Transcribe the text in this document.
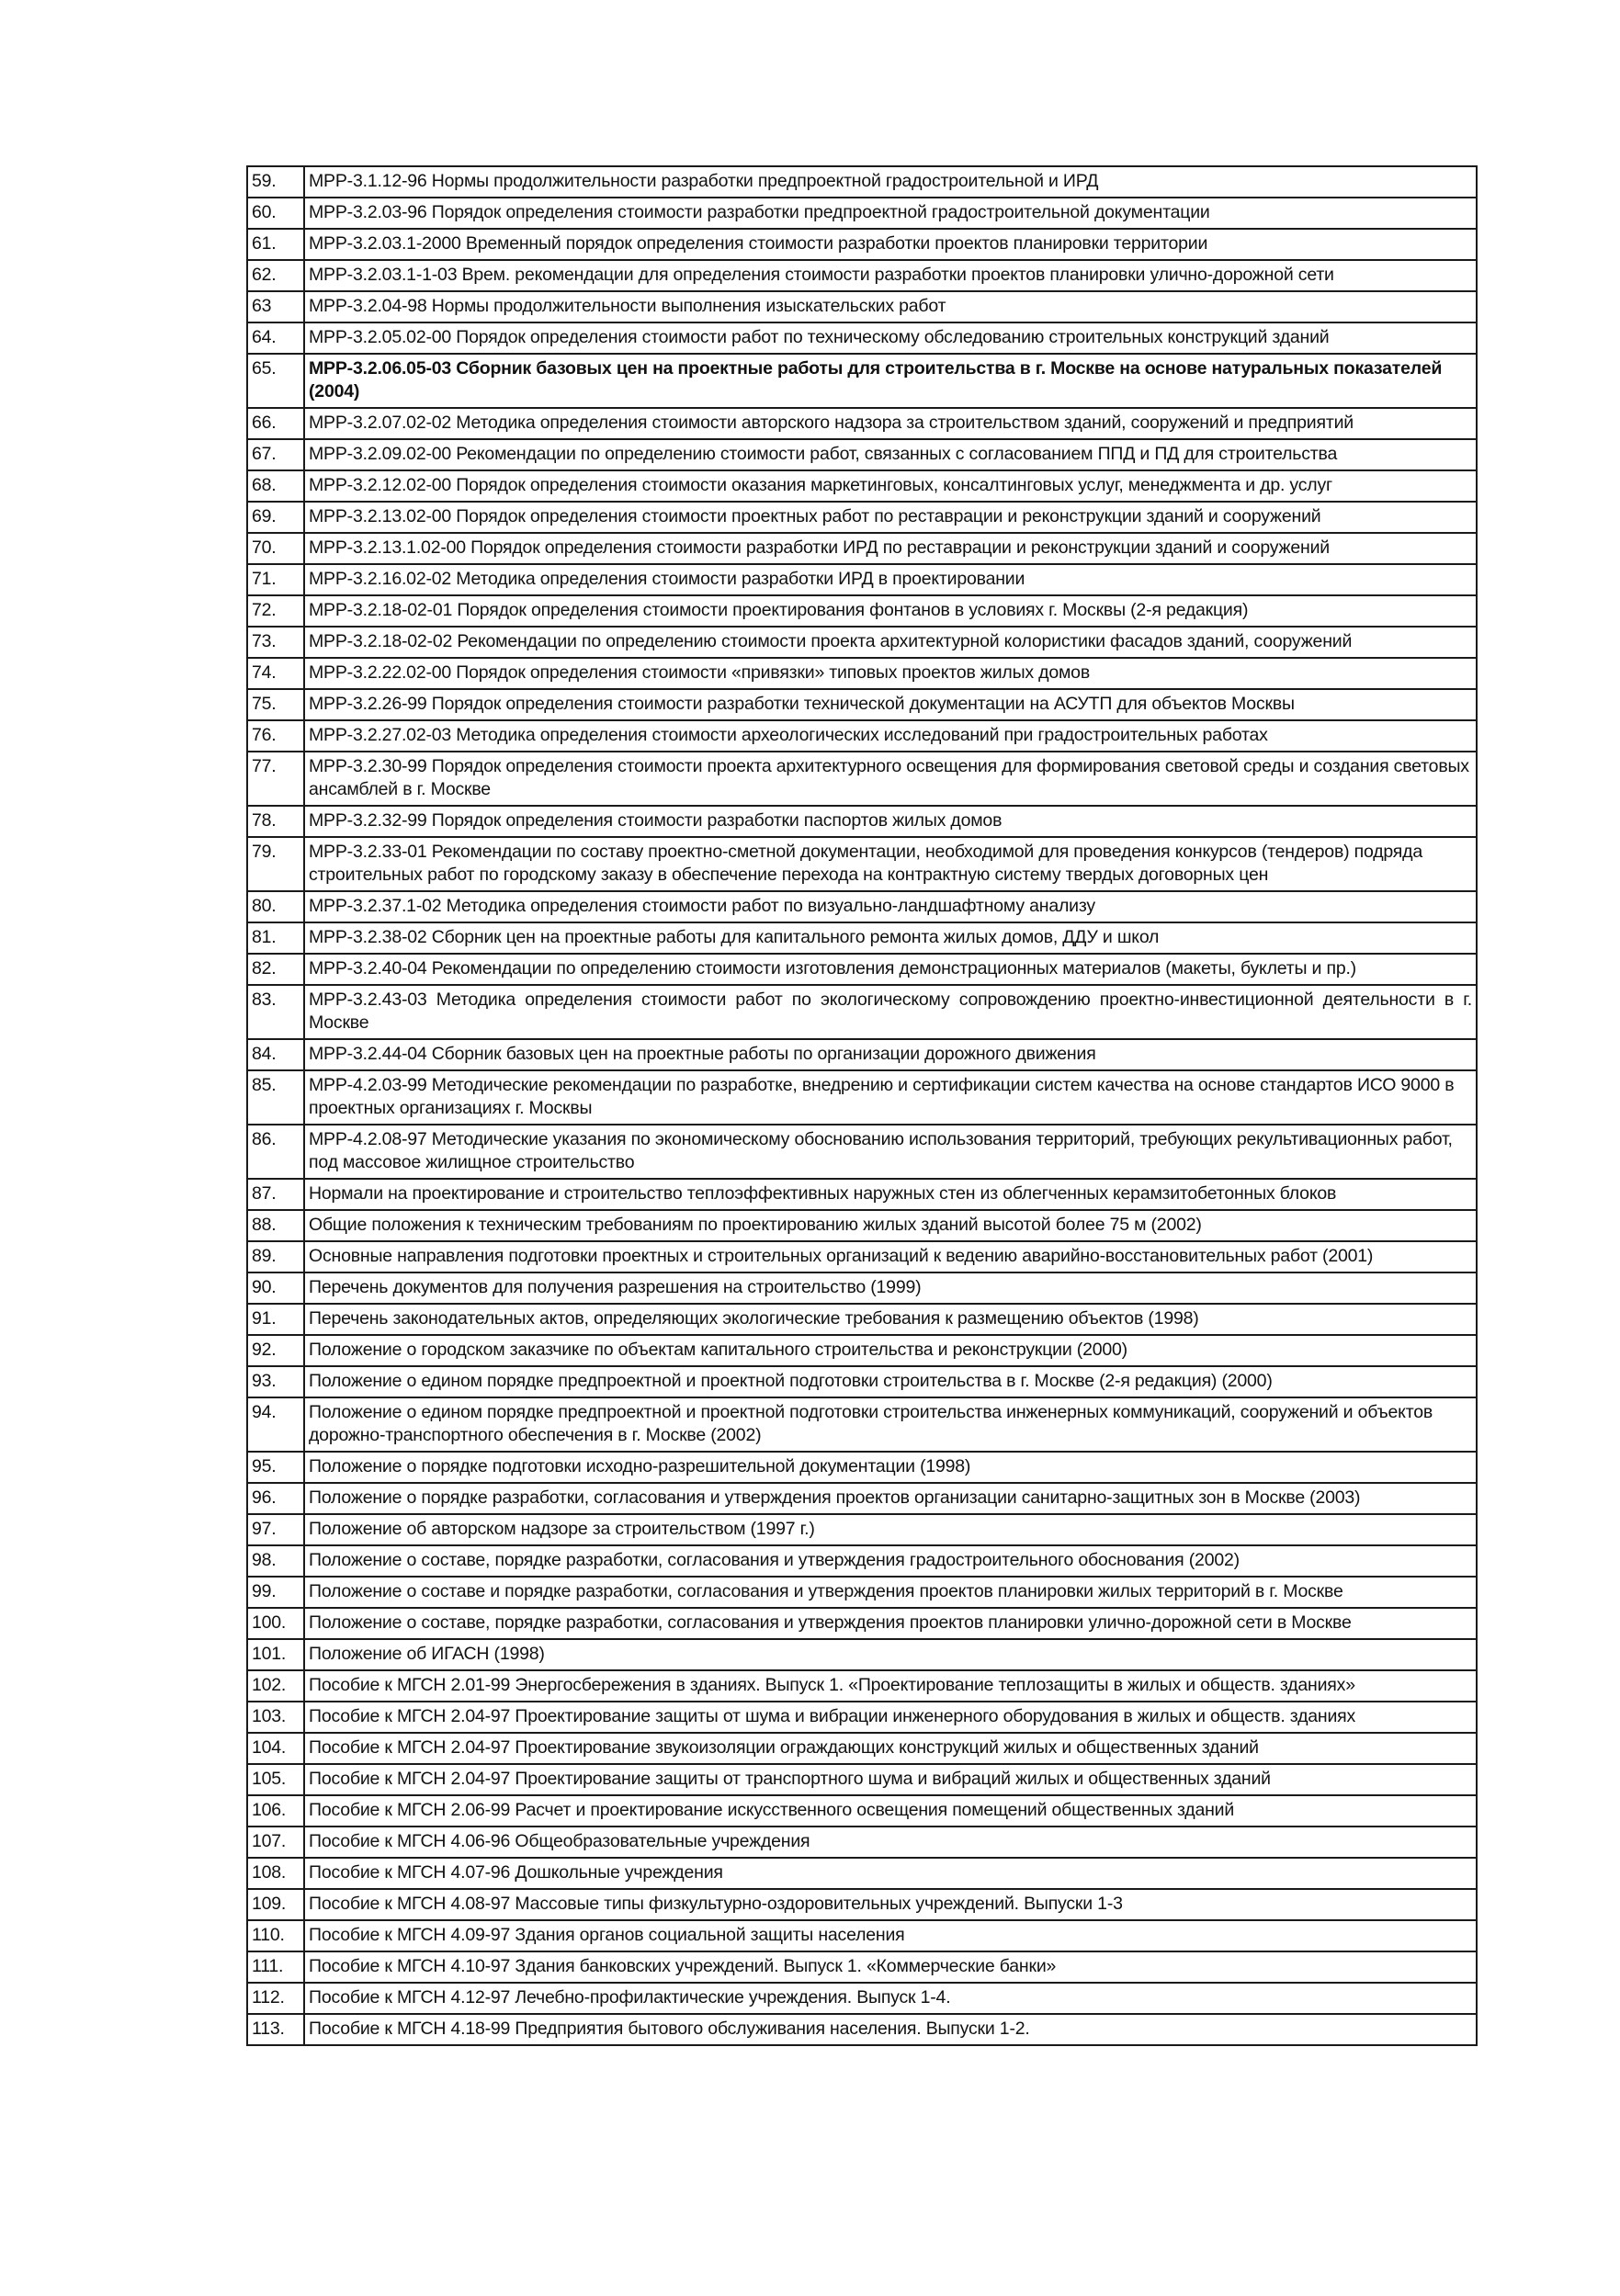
59.	МРР-3.1.12-96 Нормы продолжительности разработки предпроектной градостроительной и ИРД
60.	МРР-3.2.03-96 Порядок определения стоимости разработки предпроектной градостроительной документации
61.	МРР-3.2.03.1-2000 Временный порядок определения стоимости разработки проектов планировки территории
62.	МРР-3.2.03.1-1-03 Врем. рекомендации для определения стоимости разработки проектов планировки улично-дорожной сети
63	МРР-3.2.04-98 Нормы продолжительности выполнения изыскательских работ
64.	МРР-3.2.05.02-00 Порядок определения стоимости работ по техническому обследованию строительных конструкций зданий
65.	МРР-3.2.06.05-03 Сборник базовых цен на проектные работы для строительства в г. Москве на основе натуральных показателей (2004)
66.	МРР-3.2.07.02-02 Методика определения стоимости авторского надзора за строительством зданий, сооружений и предприятий
67.	МРР-3.2.09.02-00 Рекомендации по определению стоимости работ, связанных с согласованием ППД и ПД для строительства
68.	МРР-3.2.12.02-00 Порядок определения стоимости оказания маркетинговых, консалтинговых услуг, менеджмента и др. услуг
69.	МРР-3.2.13.02-00 Порядок определения стоимости проектных работ по реставрации и реконструкции зданий и сооружений
70.	МРР-3.2.13.1.02-00 Порядок определения стоимости разработки ИРД по реставрации и реконструкции зданий и сооружений
71.	МРР-3.2.16.02-02 Методика определения стоимости разработки ИРД в проектировании
72.	МРР-3.2.18-02-01 Порядок определения стоимости проектирования фонтанов в условиях г. Москвы (2-я редакция)
73.	МРР-3.2.18-02-02 Рекомендации по определению стоимости проекта архитектурной колористики фасадов зданий, сооружений
74.	МРР-3.2.22.02-00 Порядок определения стоимости «привязки» типовых проектов жилых домов
75.	МРР-3.2.26-99 Порядок определения стоимости разработки технической документации на АСУТП для объектов Москвы
76.	МРР-3.2.27.02-03 Методика определения стоимости археологических исследований при градостроительных работах
77.	МРР-3.2.30-99 Порядок определения стоимости проекта архитектурного освещения для формирования световой среды и создания световых ансамблей в г. Москве
78.	МРР-3.2.32-99 Порядок определения стоимости разработки паспортов жилых домов
79.	МРР-3.2.33-01 Рекомендации по составу проектно-сметной документации, необходимой для проведения конкурсов (тендеров) подряда строительных работ по городскому заказу в обеспечение перехода на контрактную систему твердых договорных цен
80.	МРР-3.2.37.1-02 Методика определения стоимости работ по визуально-ландшафтному анализу
81.	МРР-3.2.38-02 Сборник цен на проектные работы для капитального ремонта жилых домов, ДДУ и школ
82.	МРР-3.2.40-04 Рекомендации по определению стоимости изготовления демонстрационных материалов (макеты, буклеты и пр.)
83.	МРР-3.2.43-03 Методика определения стоимости работ по экологическому сопровождению проектно-инвестиционной деятельности в г. Москве
84.	МРР-3.2.44-04 Сборник базовых цен на проектные работы по организации дорожного движения
85.	МРР-4.2.03-99 Методические рекомендации по разработке, внедрению и сертификации систем качества на основе стандартов ИСО 9000 в проектных организациях г. Москвы
86.	МРР-4.2.08-97 Методические указания по экономическому обоснованию использования территорий, требующих рекультивационных работ, под массовое жилищное строительство
87.	Нормали на проектирование и строительство теплоэффективных наружных стен из облегченных керамзитобетонных блоков
88.	Общие положения к техническим требованиям по проектированию жилых зданий высотой более 75 м (2002)
89.	Основные направления подготовки проектных и строительных организаций к ведению аварийно-восстановительных работ (2001)
90.	Перечень документов для получения разрешения на строительство (1999)
91.	Перечень законодательных актов, определяющих экологические требования к размещению объектов (1998)
92.	Положение о городском заказчике по объектам капитального строительства и реконструкции (2000)
93.	Положение о едином порядке предпроектной и проектной подготовки строительства в г. Москве (2-я редакция) (2000)
94.	Положение о едином порядке предпроектной и проектной подготовки строительства инженерных коммуникаций, сооружений и объектов дорожно-транспортного обеспечения в г. Москве (2002)
95.	Положение о порядке подготовки исходно-разрешительной документации (1998)
96.	Положение о порядке разработки, согласования и утверждения проектов организации санитарно-защитных зон в Москве (2003)
97.	Положение об авторском надзоре за строительством (1997 г.)
98.	Положение о составе, порядке разработки, согласования и утверждения градостроительного обоснования (2002)
99.	Положение о составе и порядке разработки, согласования и утверждения проектов планировки жилых территорий в г. Москве
100.	Положение о составе, порядке разработки, согласования и утверждения проектов планировки улично-дорожной сети в Москве
101.	Положение об ИГАСН (1998)
102.	Пособие к МГСН 2.01-99 Энергосбережения в зданиях. Выпуск 1. «Проектирование теплозащиты в жилых и обществ. зданиях»
103.	Пособие к МГСН 2.04-97 Проектирование защиты от шума и вибрации инженерного оборудования в жилых и обществ. зданиях
104.	Пособие к МГСН 2.04-97 Проектирование звукоизоляции ограждающих конструкций жилых и общественных зданий
105.	Пособие к МГСН 2.04-97 Проектирование защиты от транспортного шума и вибраций жилых и общественных зданий
106.	Пособие к МГСН 2.06-99 Расчет и проектирование искусственного освещения помещений общественных зданий
107.	Пособие к МГСН 4.06-96 Общеобразовательные учреждения
108.	Пособие к МГСН 4.07-96 Дошкольные учреждения
109.	Пособие к МГСН 4.08-97 Массовые типы физкультурно-оздоровительных учреждений. Выпуски 1-3
110.	Пособие к МГСН 4.09-97 Здания органов социальной защиты населения
111.	Пособие к МГСН 4.10-97 Здания банковских учреждений. Выпуск 1. «Коммерческие банки»
112.	Пособие к МГСН 4.12-97 Лечебно-профилактические учреждения. Выпуск 1-4.
113.	Пособие к МГСН 4.18-99 Предприятия бытового обслуживания населения. Выпуски 1-2.
